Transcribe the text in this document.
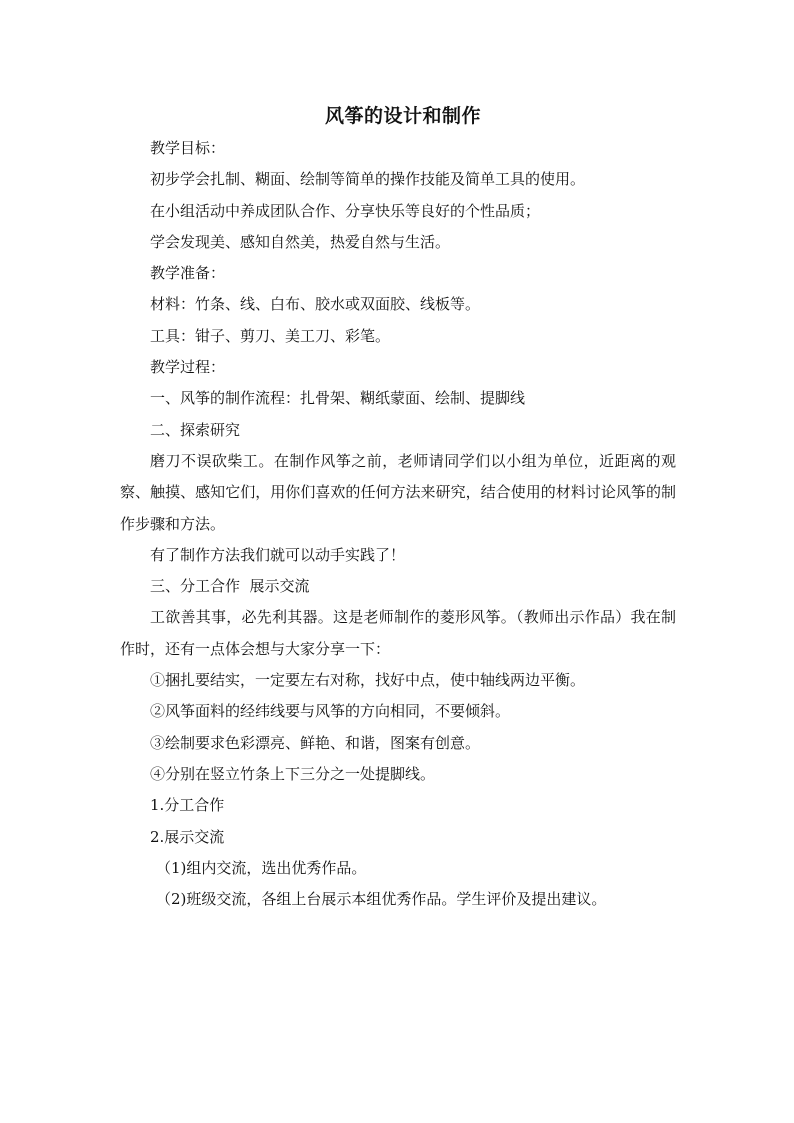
风筝的设计和制作

教学目标：

初步学会扎制、糊面、绘制等简单的操作技能及简单工具的使用。

在小组活动中养成团队合作、分享快乐等良好的个性品质；

学会发现美、感知自然美，热爱自然与生活。

教学准备：

材料：竹条、线、白布、胶水或双面胶、线板等。

工具：钳子、剪刀、美工刀、彩笔。

教学过程：

一、风筝的制作流程：扎骨架、糊纸蒙面、绘制、提脚线

二、探索研究

磨刀不误砍柴工。在制作风筝之前，老师请同学们以小组为单位，近距离的观察、触摸、感知它们，用你们喜欢的任何方法来研究，结合使用的材料讨论风筝的制作步骤和方法。

有了制作方法我们就可以动手实践了！

三、分工合作  展示交流

工欲善其事，必先利其器。这是老师制作的菱形风筝。（教师出示作品）我在制作时，还有一点体会想与大家分享一下：

①捆扎要结实，一定要左右对称，找好中点，使中轴线两边平衡。

②风筝面料的经纬线要与风筝的方向相同，不要倾斜。

③绘制要求色彩漂亮、鲜艳、和谐，图案有创意。

④分别在竖立竹条上下三分之一处提脚线。

1.分工合作

2.展示交流

（1)组内交流，选出优秀作品。

（2)班级交流，各组上台展示本组优秀作品。学生评价及提出建议。
